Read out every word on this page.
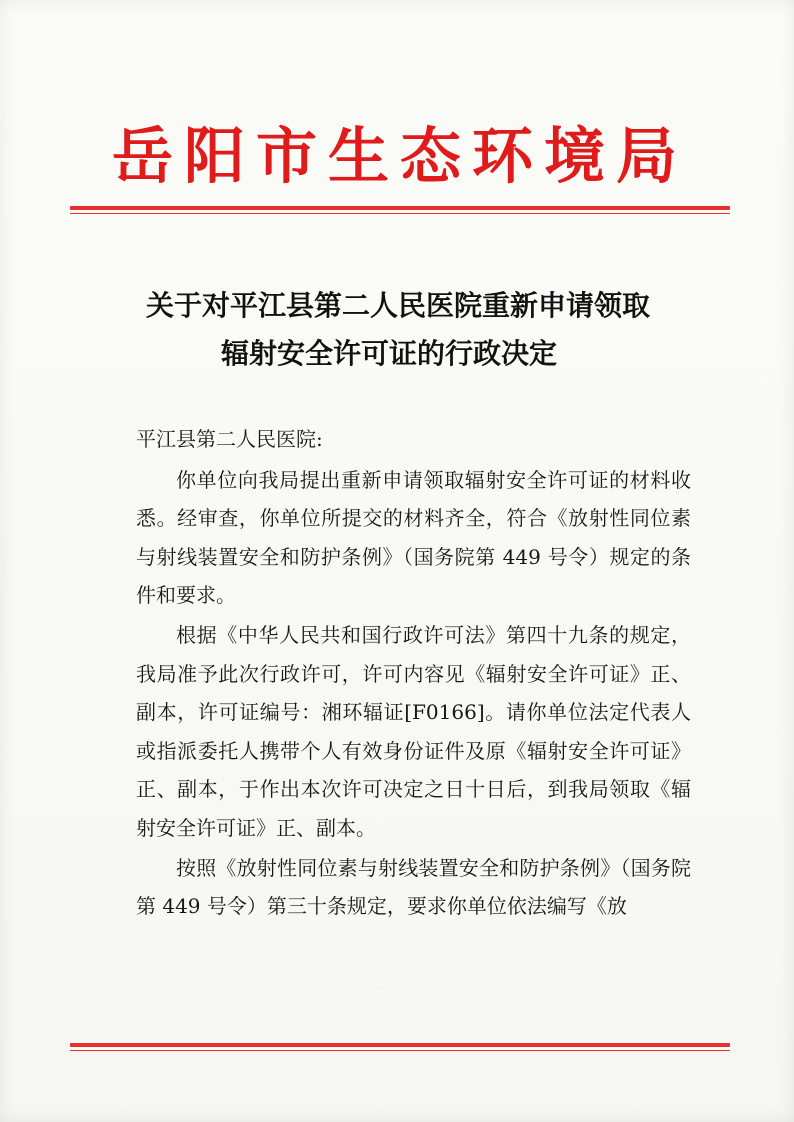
岳阳市生态环境局
关于对平江县第二人民医院重新申请领取
辐射安全许可证的行政决定

平江县第二人民医院:

你单位向我局提出重新申请领取辐射安全许可证的材料收悉。经审查，你单位所提交的材料齐全，符合《放射性同位素与射线装置安全和防护条例》（国务院第 449 号令）规定的条件和要求。

根据《中华人民共和国行政许可法》第四十九条的规定，我局准予此次行政许可，许可内容见《辐射安全许可证》正、副本，许可证编号：湘环辐证[F0166]。请你单位法定代表人或指派委托人携带个人有效身份证件及原《辐射安全许可证》正、副本，于作出本次许可决定之日十日后，到我局领取《辐射安全许可证》正、副本。

按照《放射性同位素与射线装置安全和防护条例》（国务院第 449 号令）第三十条规定，要求你单位依法编写《放
